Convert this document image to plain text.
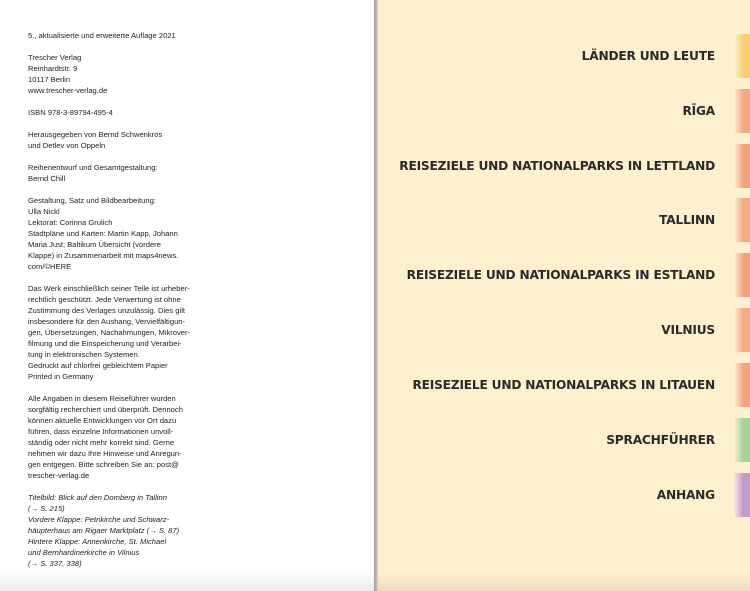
5., aktualisierte und erweiterte Auflage 2021
Trescher Verlag
Reinhardtstr. 9
10117 Berlin
www.trescher-verlag.de
ISBN 978-3-89794-495-4
Herausgegeben von Bernd Schwenkros
und Detlev von Oppeln
Reihenentwurf und Gesamtgestaltung:
Bernd Chill
Gestaltung, Satz und Bildbearbeitung:
Ulla Nickl
Lektorat: Corinna Grulich
Stadtpläne und Karten: Martin Kapp, Johann
Maria Just; Baltikum Übersicht (vordere
Klappe) in Zusammenarbeit mit maps4news.
com/©HERE
Das Werk einschließlich seiner Teile ist urheber-
rechtlich geschützt. Jede Verwertung ist ohne
Zustimmung des Verlages unzulässig. Dies gilt
insbesondere für den Aushang, Vervielfältigun-
gen, Übersetzungen, Nachahmungen, Mikrover-
filmung und die Einspeicherung und Verarbei-
tung in elektronischen Systemen.
Gedruckt auf chlorfrei gebleichtem Papier
Printed in Germany
Alle Angaben in diesem Reiseführer wurden
sorgfältig recherchiert und überprüft. Dennoch
können aktuelle Entwicklungen vor Ort dazu
führen, dass einzelne Informationen unvoll-
ständig oder nicht mehr korrekt sind. Gerne
nehmen wir dazu Ihre Hinweise und Anregun-
gen entgegen. Bitte schreiben Sie an: post@
trescher-verlag.de
Titelbild: Blick auf den Domberg in Tallinn
(→ S. 215)
Vordere Klappe: Petrikirche und Schwarz-
häupterhaus am Rigaer Marktplatz (→ S. 87)
Hintere Klappe: Annenkirche, St. Michael
und Bernhardinerkirche in Vilnius
(→ S. 337, 338)
LÄNDER UND LEUTE
RĪGA
REISEZIELE UND NATIONALPARKS IN LETTLAND
TALLINN
REISEZIELE UND NATIONALPARKS IN ESTLAND
VILNIUS
REISEZIELE UND NATIONALPARKS IN LITAUEN
SPRACHFÜHRER
ANHANG
